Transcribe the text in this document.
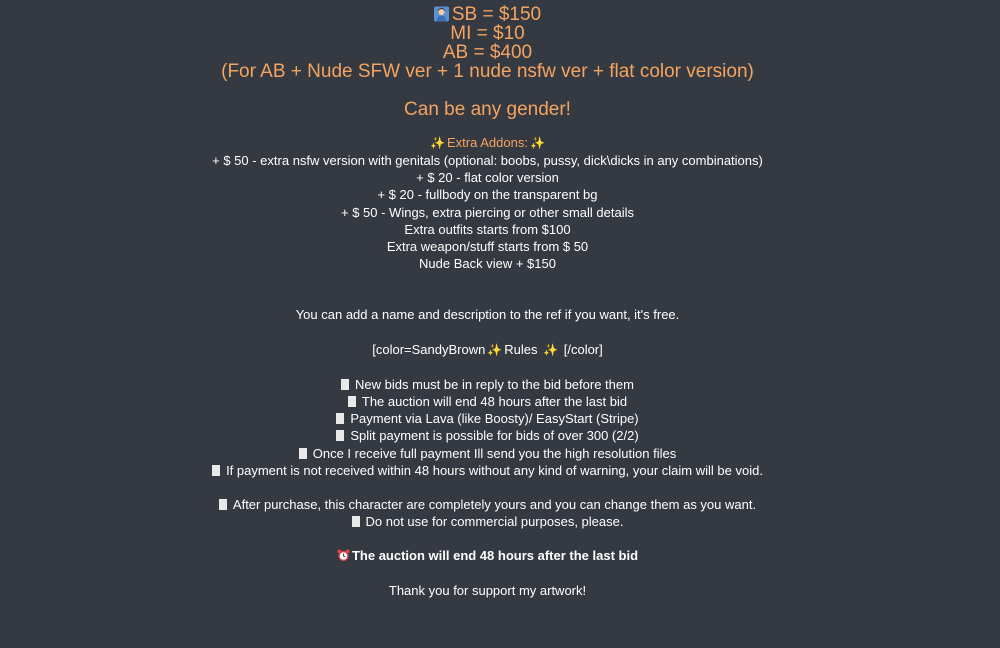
SB = $150
MI = $10
AB = $400
(For AB + Nude SFW ver + 1 nude nsfw ver + flat color version)
Can be any gender!
✨ Extra Addons: ✨
+ $ 50 - extra nsfw version with genitals (optional: boobs, pussy, dick\dicks in any combinations)
+ $ 20 - flat color version
+ $ 20 - fullbody on the transparent bg
+ $ 50 - Wings, extra piercing or other small details
Extra outfits starts from $100
Extra weapon/stuff starts from $ 50
Nude Back view + $150
You can add a name and description to the ref if you want, it's free.
[color=SandyBrown ✨ Rules ✨ [/color]
New bids must be in reply to the bid before them
The auction will end 48 hours after the last bid
Payment via Lava (like Boosty)/ EasyStart (Stripe)
Split payment is possible for bids of over 300 (2/2)
Once I receive full payment Ill send you the high resolution files
If payment is not received within 48 hours without any kind of warning, your claim will be void.
After purchase, this character are completely yours and you can change them as you want.
Do not use for commercial purposes, please.
The auction will end 48 hours after the last bid
Thank you for support my artwork!
